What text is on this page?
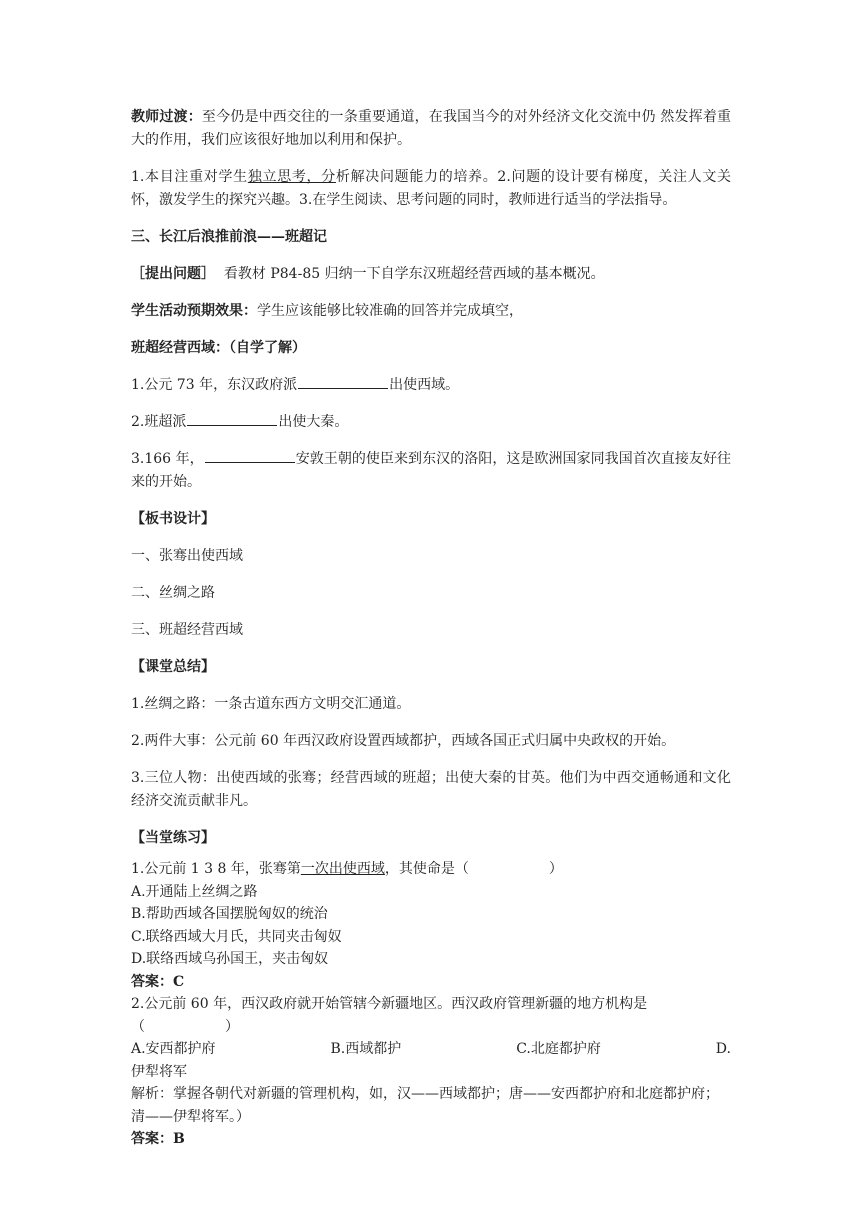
教师过渡：至今仍是中西交往的一条重要通道，在我国当今的对外经济文化交流中仍 然发挥着重大的作用，我们应该很好地加以利用和保护。

1.本目注重对学生独立思考，分析解决问题能力的培养。2.问题的设计要有梯度，关注人文关怀，激发学生的探究兴趣。3.在学生阅读、思考问题的同时，教师进行适当的学法指导。

三、长江后浪推前浪——班超记

［提出问题］  看教材 P84-85 归纳一下自学东汉班超经营西域的基本概况。

学生活动预期效果：学生应该能够比较准确的回答并完成填空，

班超经营西域：（自学了解）

1.公元 73 年，东汉政府派	出使西域。

2.班超派	出使大秦。

3.166 年，	安敦王朝的使臣来到东汉的洛阳，这是欧洲国家同我国首次直接友好往来的开始。

【板书设计】

一、张骞出使西域

二、丝绸之路

三、班超经营西域

【课堂总结】

1.丝绸之路：一条古道东西方文明交汇通道。

2.两件大事：公元前 60 年西汉政府设置西域都护，西域各国正式归属中央政权的开始。

3.三位人物：出使西域的张骞；经营西域的班超；出使大秦的甘英。他们为中西交通畅通和文化经济交流贡献非凡。

【当堂练习】

1.公元前 1 3 8 年，张骞第一次出使西域，其使命是（	）

A.开通陆上丝绸之路

B.帮助西域各国摆脱匈奴的统治

C.联络西域大月氏，共同夹击匈奴

D.联络西域乌孙国王，夹击匈奴

答案：C

2.公元前 60 年，西汉政府就开始管辖今新疆地区。西汉政府管理新疆的地方机构是

（	）

A.安西都护府	B.西域都护	C.北庭都护府	D.

伊犁将军

解析：掌握各朝代对新疆的管理机构，如，汉——西域都护；唐——安西都护府和北庭都护府；清——伊犁将军。）

答案：B
